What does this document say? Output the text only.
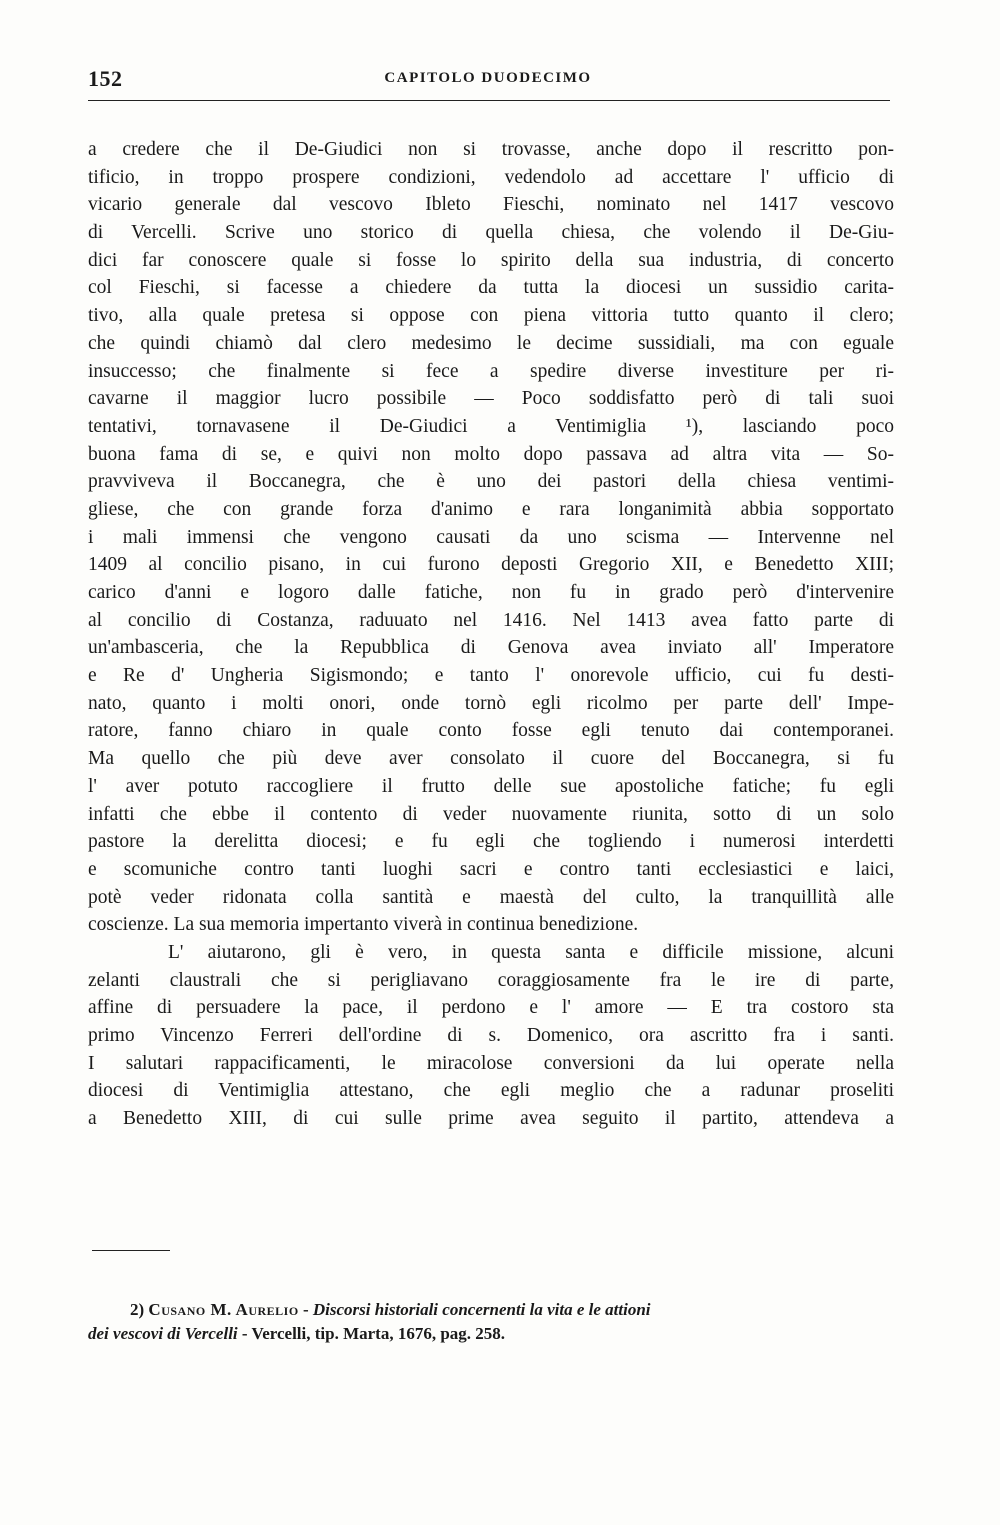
152	CAPITOLO DUODECIMO
a credere che il De-Giudici non si trovasse, anche dopo il rescritto pon-
tificio, in troppo prospere condizioni, vedendolo ad accettare l' ufficio di
vicario generale dal vescovo Ibleto Fieschi, nominato nel 1417 vescovo
di Vercelli. Scrive uno storico di quella chiesa, che volendo il De-Giu-
dici far conoscere quale si fosse lo spirito della sua industria, di concerto
col Fieschi, si facesse a chiedere da tutta la diocesi un sussidio carita-
tivo, alla quale pretesa si oppose con piena vittoria tutto quanto il clero;
che quindi chiamò dal clero medesimo le decime sussidiali, ma con eguale
insuccesso; che finalmente si fece a spedire diverse investiture per ri-
cavarne il maggior lucro possibile — Poco soddisfatto però di tali suoi
tentativi, tornavasene il De-Giudici a Ventimiglia ¹), lasciando poco
buona fama di se, e quivi non molto dopo passava ad altra vita — So-
pravviveva il Boccanegra, che è uno dei pastori della chiesa ventimi-
gliese, che con grande forza d'animo e rara longanimità abbia sopportato
i mali immensi che vengono causati da uno scisma — Intervenne nel
1409 al concilio pisano, in cui furono deposti Gregorio XII, e Benedetto XIII;
carico d'anni e logoro dalle fatiche, non fu in grado però d'intervenire
al concilio di Costanza, raduuato nel 1416. Nel 1413 avea fatto parte di
un'ambasceria, che la Repubblica di Genova avea inviato all' Imperatore
e Re d' Ungheria Sigismondo; e tanto l' onorevole ufficio, cui fu desti-
nato, quanto i molti onori, onde tornò egli ricolmo per parte dell' Impe-
ratore, fanno chiaro in quale conto fosse egli tenuto dai contemporanei.
Ma quello che più deve aver consolato il cuore del Boccanegra, si fu
l' aver potuto raccogliere il frutto delle sue apostoliche fatiche; fu egli
infatti che ebbe il contento di veder nuovamente riunita, sotto di un solo
pastore la derelitta diocesi; e fu egli che togliendo i numerosi interdetti
e scomuniche contro tanti luoghi sacri e contro tanti ecclesiastici e laici,
potè veder ridonata colla santità e maestà del culto, la tranquillità alle
coscienze. La sua memoria impertanto viverà in continua benedizione.
L' aiutarono, gli è vero, in questa santa e difficile missione, alcuni
zelanti claustrali che si perigliavano coraggiosamente fra le ire di parte,
affine di persuadere la pace, il perdono e l' amore — E tra costoro sta
primo Vincenzo Ferreri dell'ordine di s. Domenico, ora ascritto fra i santi.
I salutari rappacificamenti, le miracolose conversioni da lui operate nella
diocesi di Ventimiglia attestano, che egli meglio che a radunar proseliti
a Benedetto XIII, di cui sulle prime avea seguito il partito, attendeva a
2) Cusano M. Aurelio - Discorsi historiali concernenti la vita e le attioni
dei vescovi di Vercelli - Vercelli, tip. Marta, 1676, pag. 258.
